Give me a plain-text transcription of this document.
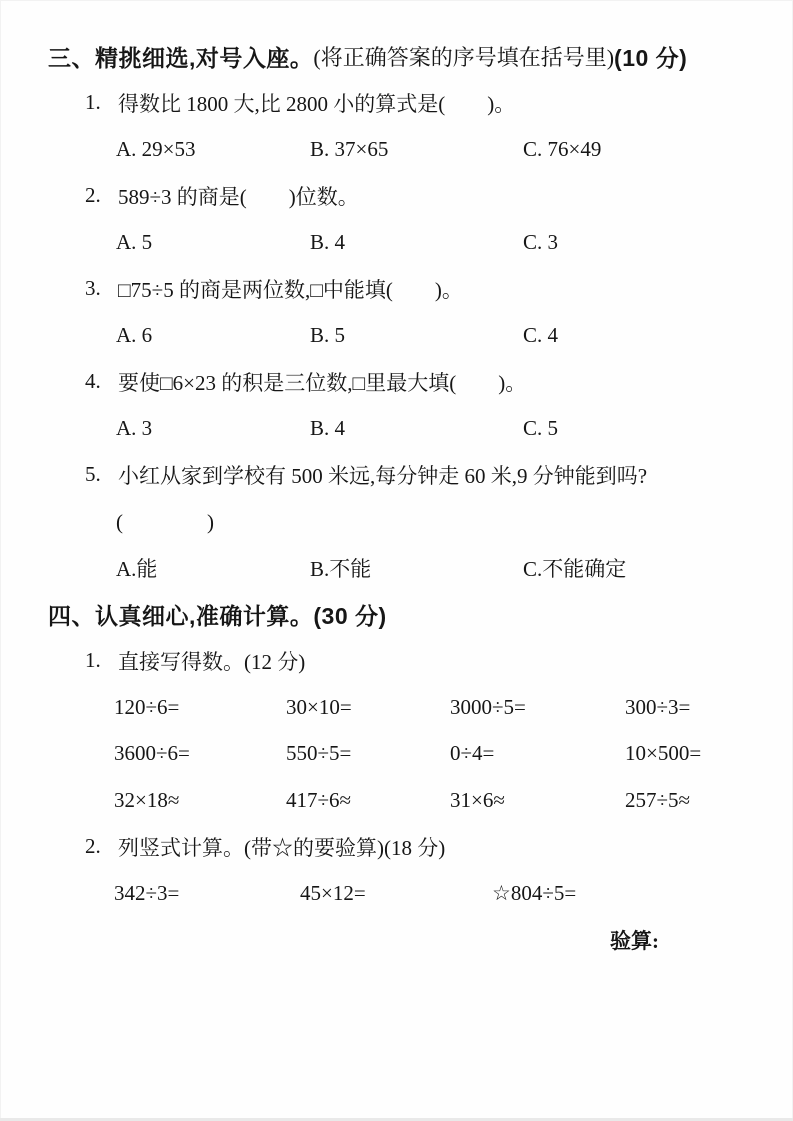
三、精挑细选,对号入座。 (将正确答案的序号填在括号里) (10 分)
1. 得数比 1800 大,比 2800 小的算式是(　　)。
A. 29×53	B. 37×65	C. 76×49
2. 589÷3 的商是(　　)位数。
A. 5	B. 4	C. 3
3. □75÷5 的商是两位数,□中能填(　　)。
A. 6	B. 5	C. 4
4. 要使□6×23 的积是三位数,□里最大填(　　)。
A. 3	B. 4	C. 5
5. 小红从家到学校有 500 米远,每分钟走 60 米,9 分钟能到吗?
(　　)
A.能	B.不能	C.不能确定
四、认真细心,准确计算。 (30 分)
1. 直接写得数。(12 分)
120÷6=	30×10=	3000÷5=	300÷3=
3600÷6=	550÷5=	0÷4=	10×500=
32×18≈	417÷6≈	31×6≈	257÷5≈
2. 列竖式计算。(带☆的要验算)(18 分)
342÷3=	45×12=	☆804÷5=
验算:
